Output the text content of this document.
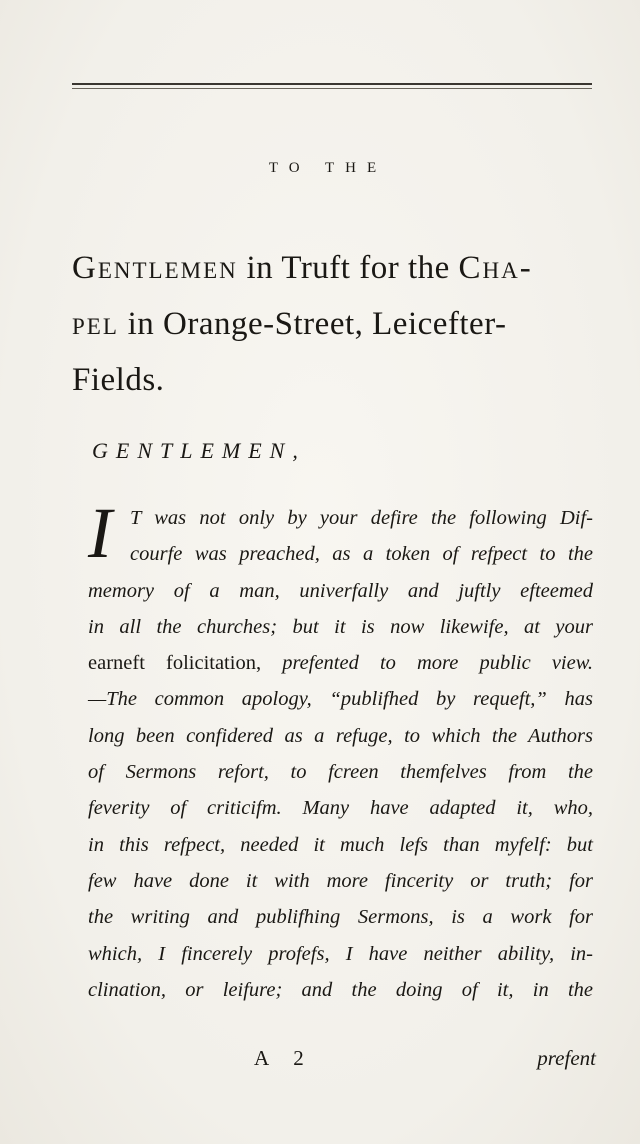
TO THE
Gentlemen in Truft for the Cha-
pel in Orange-Street, Leicefter-
Fields.
GENTLEMEN,
I T was not only by your defire the following Dif-
courfe was preached, as a token of refpect to the
memory of a man, univerfally and juftly efteemed
in all the churches; but it is now likewife, at your
earneft folicitation, prefented to more public view.
—The common apology, “publifhed by requeft,” has
long been confidered as a refuge, to which the Authors
of Sermons refort, to fcreen themfelves from the
feverity of criticifm. Many have adapted it, who,
in this refpect, needed it much lefs than myfelf: but
few have done it with more fincerity or truth; for
the writing and publifhing Sermons, is a work for
which, I fincerely profefs, I have neither ability, in-
clination, or leifure; and the doing of it, in the
A 2	prefent
